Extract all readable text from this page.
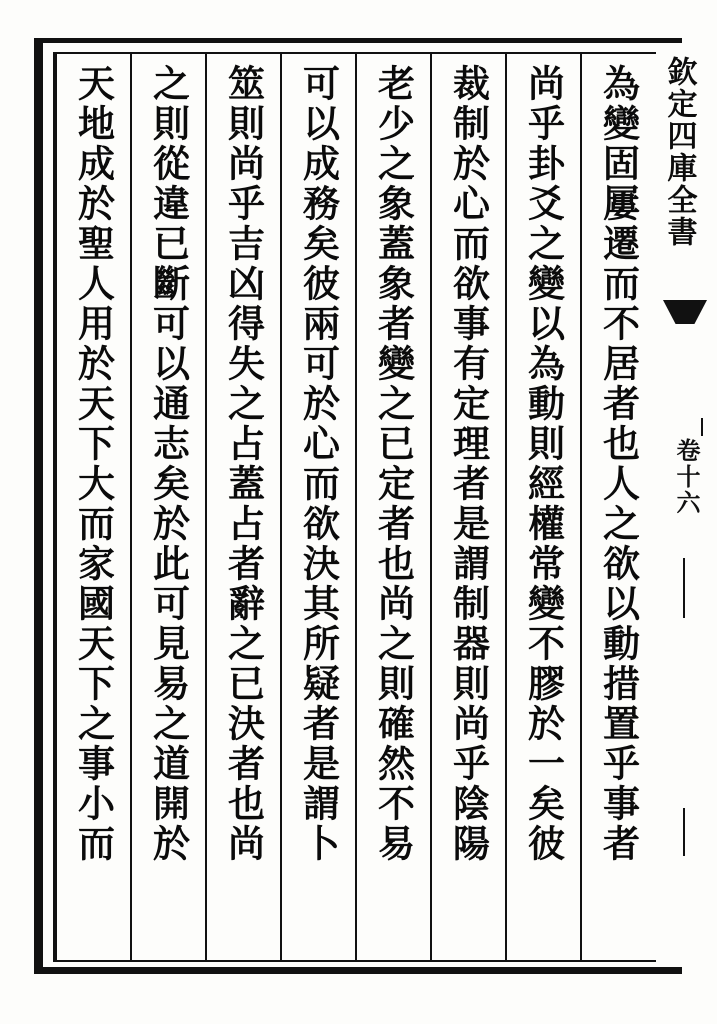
為變固屢遷而不居者也人之欲以動措置乎事者
尚乎卦爻之變以為動則經權常變不膠於一矣彼
裁制於心而欲事有定理者是謂制器則尚乎陰陽
老少之象蓋象者變之已定者也尚之則確然不易
可以成務矣彼兩可於心而欲決其所疑者是謂卜
筮則尚乎吉凶得失之占蓋占者辭之已決者也尚
之則從違已斷可以通志矣於此可見易之道開於
天地成於聖人用於天下大而家國天下之事小而	欽定四庫全書
卷十六
